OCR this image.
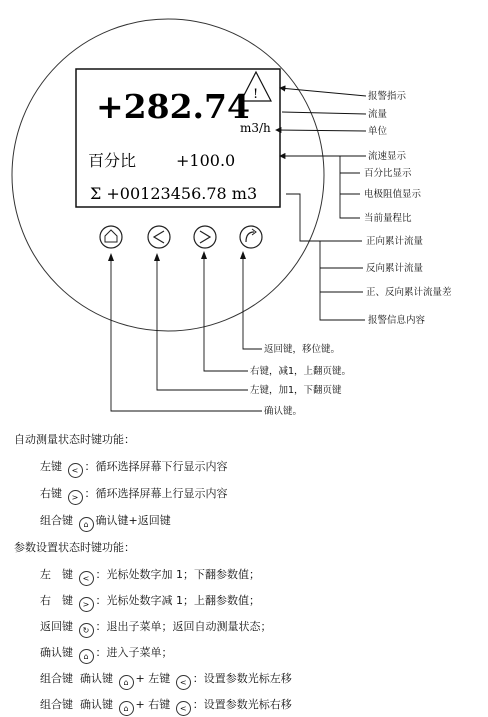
!
+282.74
m3/h
百分比 +100.0
Σ +00123456.78 m3
报警指示
流量
单位
流速显示
百分比显示
电极阻值显示
当前量程比
正向累计流量
反向累计流量
正、反向累计流量差
报警信息内容
返回键，移位键。
右键，减1，上翻页键。
左键，加1，下翻页键
确认键。
自动测量状态时键功能：
左键 < ：循环选择屏幕下行显示内容
右键 > ：循环选择屏幕上行显示内容
组合键 ⌂ 确认键+返回键
参数设置状态时键功能：
左　键 < ：光标处数字加 1；下翻参数值；
右　键 > ：光标处数字减 1；上翻参数值；
返回键 ↻ ：退出子菜单；返回自动测量状态；
确认键 ⌂ ：进入子菜单；
组合键 确认键 ⌂ + 左键 < ：设置参数光标左移
组合键 确认键 ⌂ + 右键 < ：设置参数光标右移
